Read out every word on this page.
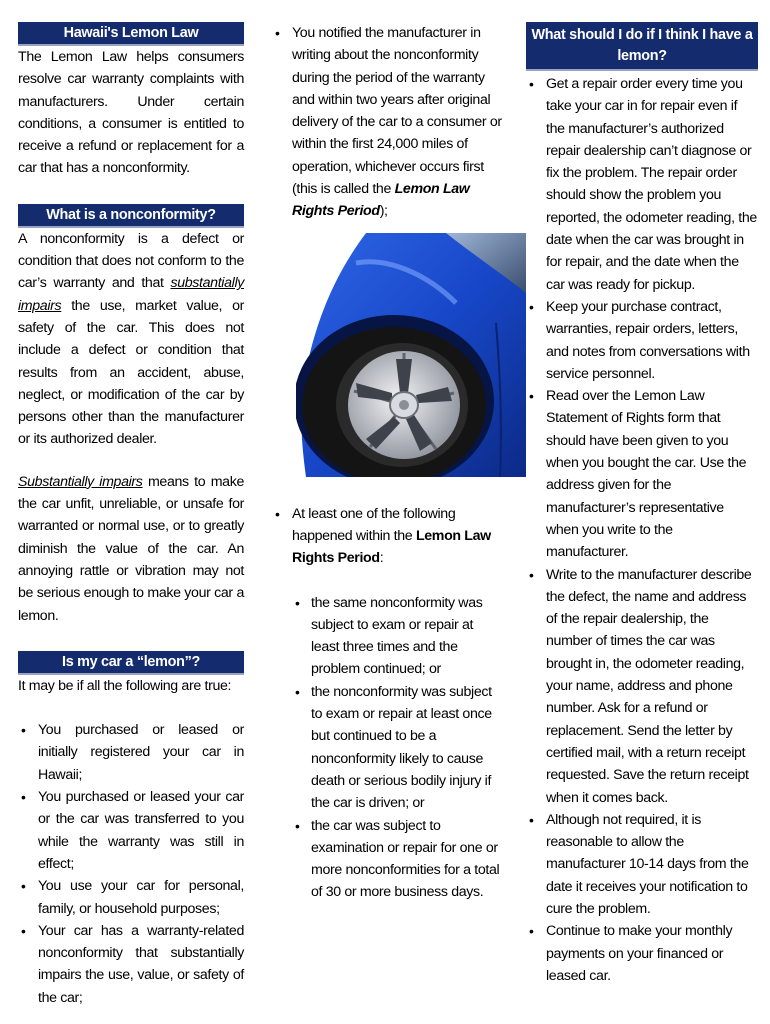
Hawaii's Lemon Law

The Lemon Law helps consumers resolve car warranty complaints with manufacturers. Under certain conditions, a consumer is entitled to receive a refund or replacement for a car that has a nonconformity.

What is a nonconformity?

A nonconformity is a defect or condition that does not conform to the car’s warranty and that substantially impairs the use, market value, or safety of the car. This does not include a defect or condition that results from an accident, abuse, neglect, or modification of the car by persons other than the manufacturer or its authorized dealer.

Substantially impairs means to make the car unfit, unreliable, or unsafe for warranted or normal use, or to greatly diminish the value of the car. An annoying rattle or vibration may not be serious enough to make your car a lemon.

Is my car a “lemon”?

It may be if all the following are true:

• You purchased or leased or initially registered your car in Hawaii;
• You purchased or leased your car or the car was transferred to you while the warranty was still in effect;
• You use your car for personal, family, or household purposes;
• Your car has a warranty-related nonconformity that substantially impairs the use, value, or safety of the car;
• You notified the manufacturer in writing about the nonconformity during the period of the warranty and within two years after original delivery of the car to a consumer or within the first 24,000 miles of operation, whichever occurs first (this is called the Lemon Law Rights Period);
• At least one of the following happened within the Lemon Law Rights Period:
• the same nonconformity was subject to exam or repair at least three times and the problem continued; or
• the nonconformity was subject to exam or repair at least once but continued to be a nonconformity likely to cause death or serious bodily injury if the car is driven; or
• the car was subject to examination or repair for one or more nonconformities for a total of 30 or more business days.
What should I do if I think I have a lemon?
• Get a repair order every time you take your car in for repair even if the manufacturer’s authorized repair dealership can’t diagnose or fix the problem. The repair order should show the problem you reported, the odometer reading, the date when the car was brought in for repair, and the date when the car was ready for pickup.
• Keep your purchase contract, warranties, repair orders, letters, and notes from conversations with service personnel.
• Read over the Lemon Law Statement of Rights form that should have been given to you when you bought the car. Use the address given for the manufacturer’s representative when you write to the manufacturer.
• Write to the manufacturer describe the defect, the name and address of the repair dealership, the number of times the car was brought in, the odometer reading, your name, address and phone number. Ask for a refund or replacement. Send the letter by certified mail, with a return receipt requested. Save the return receipt when it comes back.
• Although not required, it is reasonable to allow the manufacturer 10-14 days from the date it receives your notification to cure the problem.
• Continue to make your monthly payments on your financed or leased car.
